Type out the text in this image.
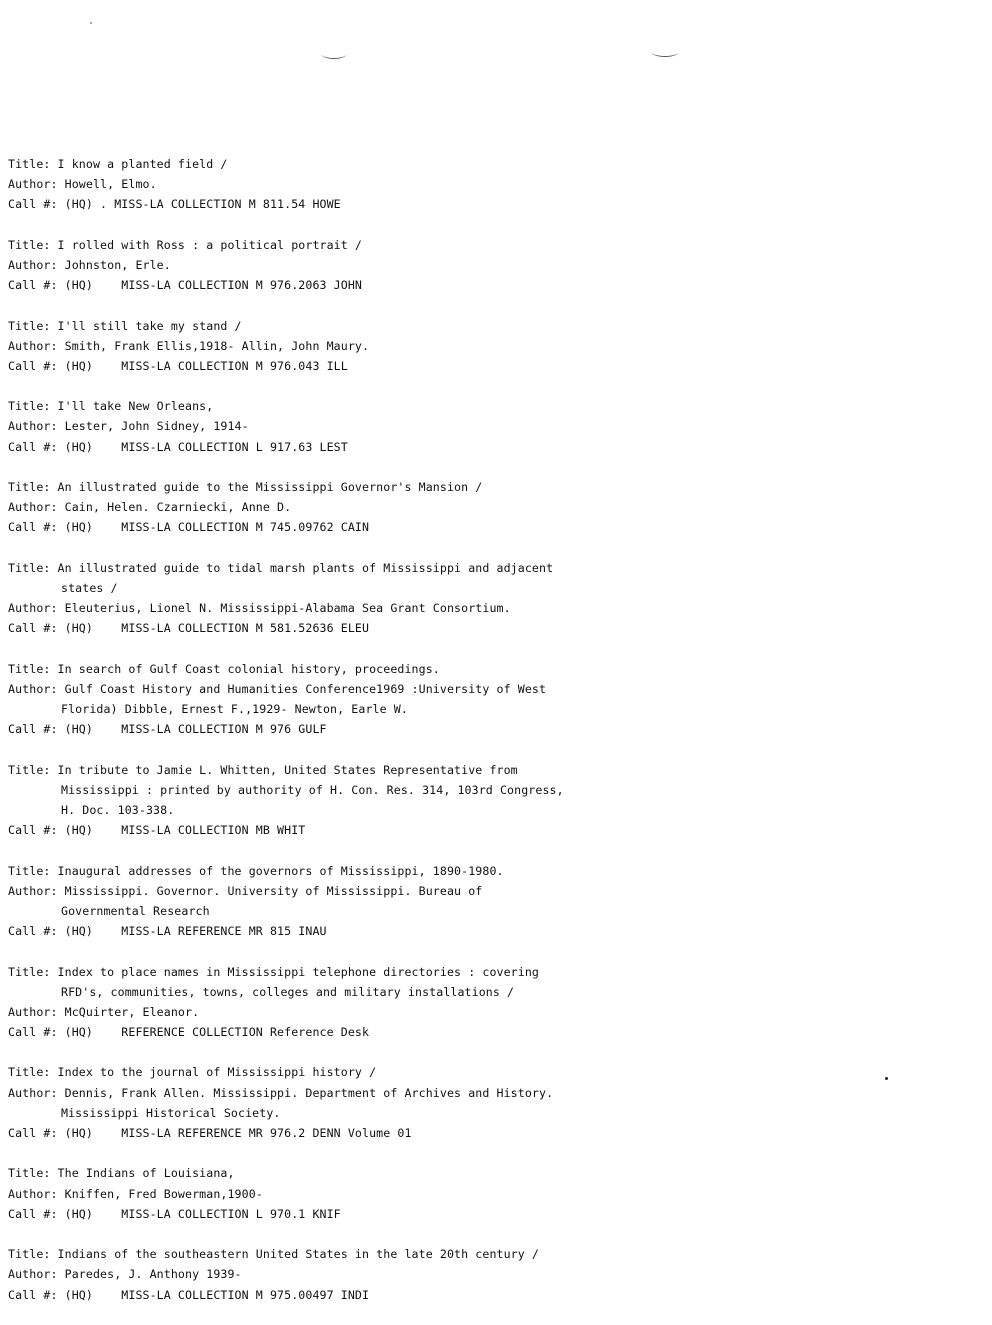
Title: I know a planted field /
Author: Howell, Elmo.
Call #: (HQ) . MISS-LA COLLECTION M 811.54 HOWE
Title: I rolled with Ross : a political portrait /
Author: Johnston, Erle.
Call #: (HQ)    MISS-LA COLLECTION M 976.2063 JOHN
Title: I'll still take my stand /
Author: Smith, Frank Ellis,1918- Allin, John Maury.
Call #: (HQ)    MISS-LA COLLECTION M 976.043 ILL
Title: I'll take New Orleans,
Author: Lester, John Sidney, 1914-
Call #: (HQ)    MISS-LA COLLECTION L 917.63 LEST
Title: An illustrated guide to the Mississippi Governor's Mansion /
Author: Cain, Helen. Czarniecki, Anne D.
Call #: (HQ)    MISS-LA COLLECTION M 745.09762 CAIN
Title: An illustrated guide to tidal marsh plants of Mississippi and adjacent
states /
Author: Eleuterius, Lionel N. Mississippi-Alabama Sea Grant Consortium.
Call #: (HQ)    MISS-LA COLLECTION M 581.52636 ELEU
Title: In search of Gulf Coast colonial history, proceedings.
Author: Gulf Coast History and Humanities Conference1969 :University of West
Florida) Dibble, Ernest F.,1929- Newton, Earle W.
Call #: (HQ)    MISS-LA COLLECTION M 976 GULF
Title: In tribute to Jamie L. Whitten, United States Representative from
Mississippi : printed by authority of H. Con. Res. 314, 103rd Congress,
H. Doc. 103-338.
Call #: (HQ)    MISS-LA COLLECTION MB WHIT
Title: Inaugural addresses of the governors of Mississippi, 1890-1980.
Author: Mississippi. Governor. University of Mississippi. Bureau of
Governmental Research
Call #: (HQ)    MISS-LA REFERENCE MR 815 INAU
Title: Index to place names in Mississippi telephone directories : covering
RFD's, communities, towns, colleges and military installations /
Author: McQuirter, Eleanor.
Call #: (HQ)    REFERENCE COLLECTION Reference Desk
Title: Index to the journal of Mississippi history /
Author: Dennis, Frank Allen. Mississippi. Department of Archives and History.
Mississippi Historical Society.
Call #: (HQ)    MISS-LA REFERENCE MR 976.2 DENN Volume 01
Title: The Indians of Louisiana,
Author: Kniffen, Fred Bowerman,1900-
Call #: (HQ)    MISS-LA COLLECTION L 970.1 KNIF
Title: Indians of the southeastern United States in the late 20th century /
Author: Paredes, J. Anthony 1939-
Call #: (HQ)    MISS-LA COLLECTION M 975.00497 INDI
